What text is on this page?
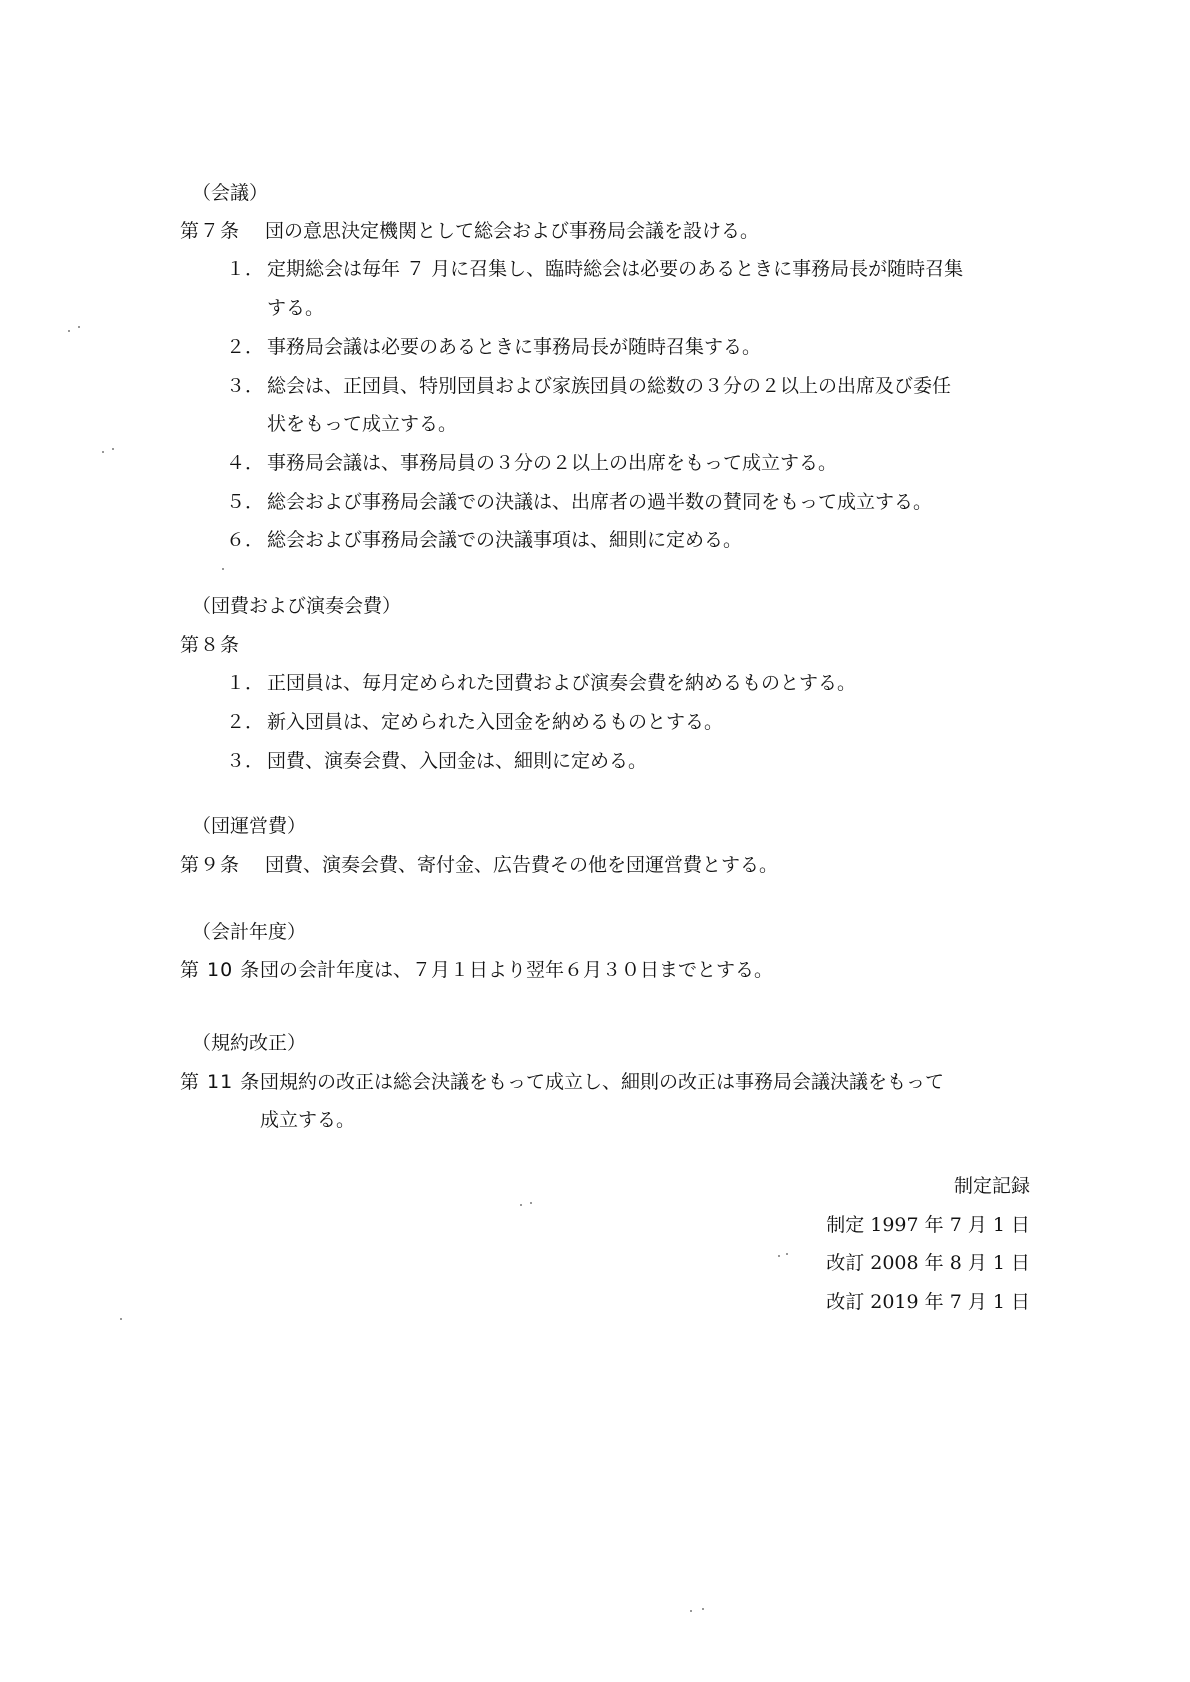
（会議）
第７条 団の意思決定機関として総会および事務局会議を設ける。
１． 定期総会は毎年 ７ 月に召集し、臨時総会は必要のあるときに事務局長が随時召集
する。
２． 事務局会議は必要のあるときに事務局長が随時召集する。
３． 総会は、正団員、特別団員および家族団員の総数の３分の２以上の出席及び委任
状をもって成立する。
４． 事務局会議は、事務局員の３分の２以上の出席をもって成立する。
５． 総会および事務局会議での決議は、出席者の過半数の賛同をもって成立する。
６． 総会および事務局会議での決議事項は、細則に定める。
（団費および演奏会費）
第８条
１． 正団員は、毎月定められた団費および演奏会費を納めるものとする。
２． 新入団員は、定められた入団金を納めるものとする。
３． 団費、演奏会費、入団金は、細則に定める。
（団運営費）
第９条 団費、演奏会費、寄付金、広告費その他を団運営費とする。
（会計年度）
第 10 条 団の会計年度は、７月１日より翌年６月３０日までとする。
（規約改正）
第 11 条 団規約の改正は総会決議をもって成立し、細則の改正は事務局会議決議をもって
成立する。
制定記録
制定 1997 年 7 月 1 日
改訂 2008 年 8 月 1 日
改訂 2019 年 7 月 1 日
